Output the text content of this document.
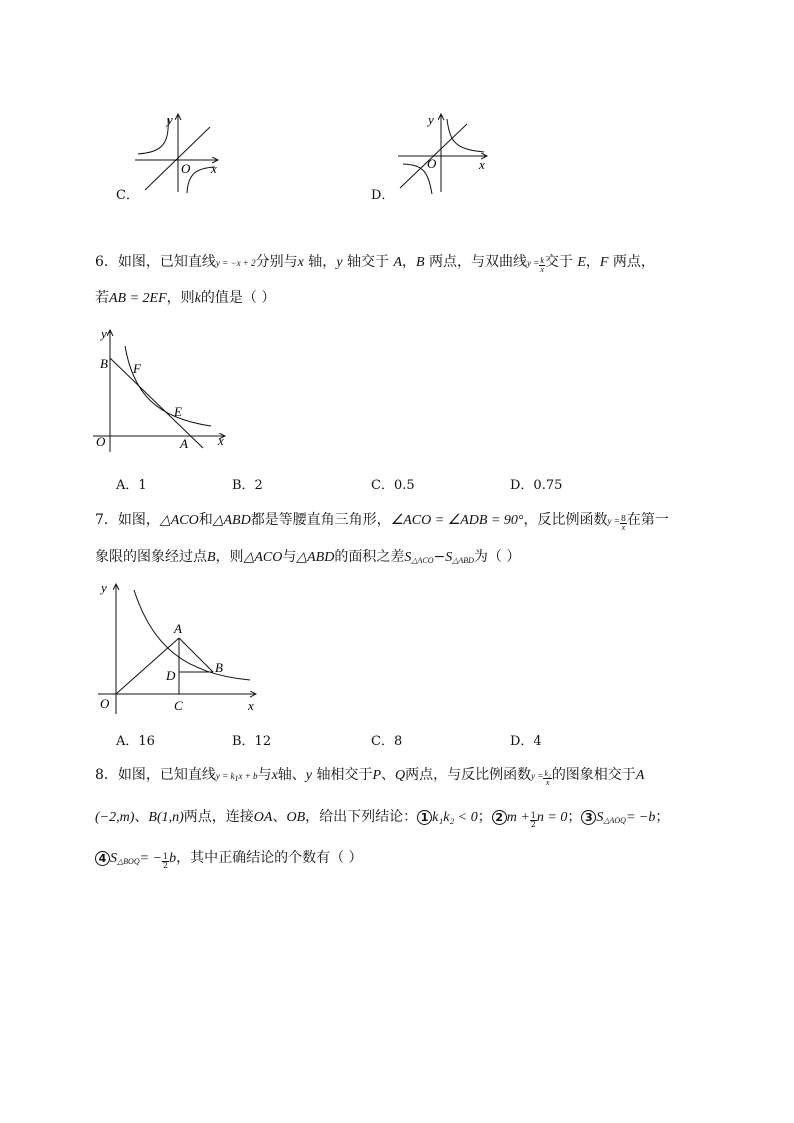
y
x
O
y
x
O
C．	D．
6．如图，已知直线y = −x + 2分别与x 轴，y 轴交于 A，B 两点，与双曲线$y = \frac{k}{x}$ 交于 E，F 两点，
若AB = 2EF，则k的值是（ ）
y
B F
E
O	A x
A．1	B．2	C．0.5	D．0.75
7．如图，△ACO和△ABD都是等腰直角三角形，∠ACO = ∠ADB = 90°，反比例函数$y = \frac{8}{x}$ 在第一
象限的图象经过点B，则△ACO与△ABD的面积之差$S_{\triangle ACO}-S_{\triangle ABD}$为（ ）
y
A
B
D
O	C	x
A．16	B．12	C．8	D．4
8．如图，已知直线$y = k_1x + b$与x轴、y 轴相交于P、Q两点，与反比例函数$y = \frac{\text{k₂}}{x}$ 的图象相交于A
(−2,m)、B(1,n)两点，连接OA、OB，给出下列结论： 1 k₁k₂ < 0； 2 $m + \frac{1}{2}$ n = 0； 3 $S_{\triangle AOQ}= -b$；
4 $S_{\triangle BOQ}= - \frac{1}{2}$ b，其中正确结论的个数有（ ）
